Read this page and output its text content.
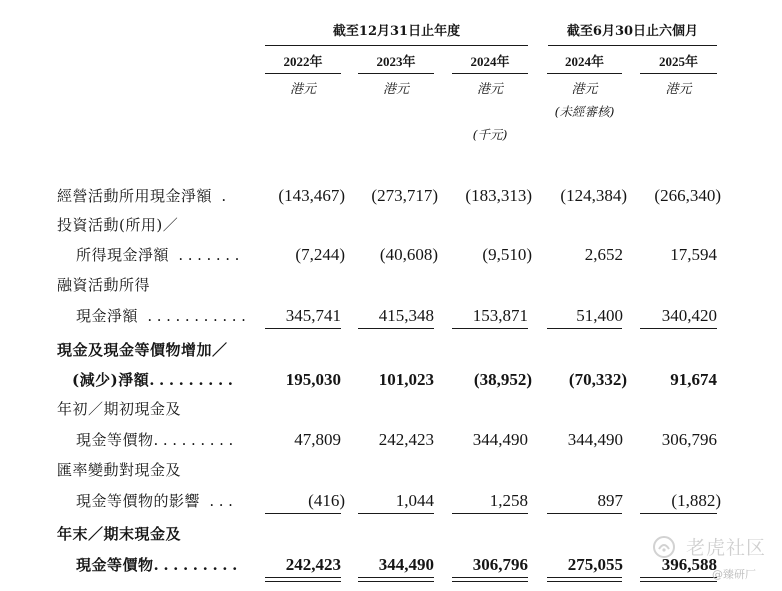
截至12月31日止年度	截至6月30日止六個月
2022年	2023年	2024年	2024年	2025年
港元	港元	港元	港元	港元
(未經審核)
(千元)
經營活動所用現金淨額 .	(143,467)	(273,717)	(183,313)	(124,384)	(266,340)
投資活動(所用)／
所得現金淨額 .......	(7,244)	(40,608)	(9,510)	2,652	17,594
融資活動所得
現金淨額 ...........	345,741	415,348	153,871	51,400	340,420
現金及現金等價物增加／
(減少)淨額.........	195,030	101,023	(38,952)	(70,332)	91,674
年初／期初現金及
現金等價物.........	47,809	242,423	344,490	344,490	306,796
匯率變動對現金及
現金等價物的影響 ...	(416)	1,044	1,258	897	(1,882)
年末／期末現金及
現金等價物.........	242,423	344,490	306,796	275,055	396,588
老虎社区
@臻研厂
